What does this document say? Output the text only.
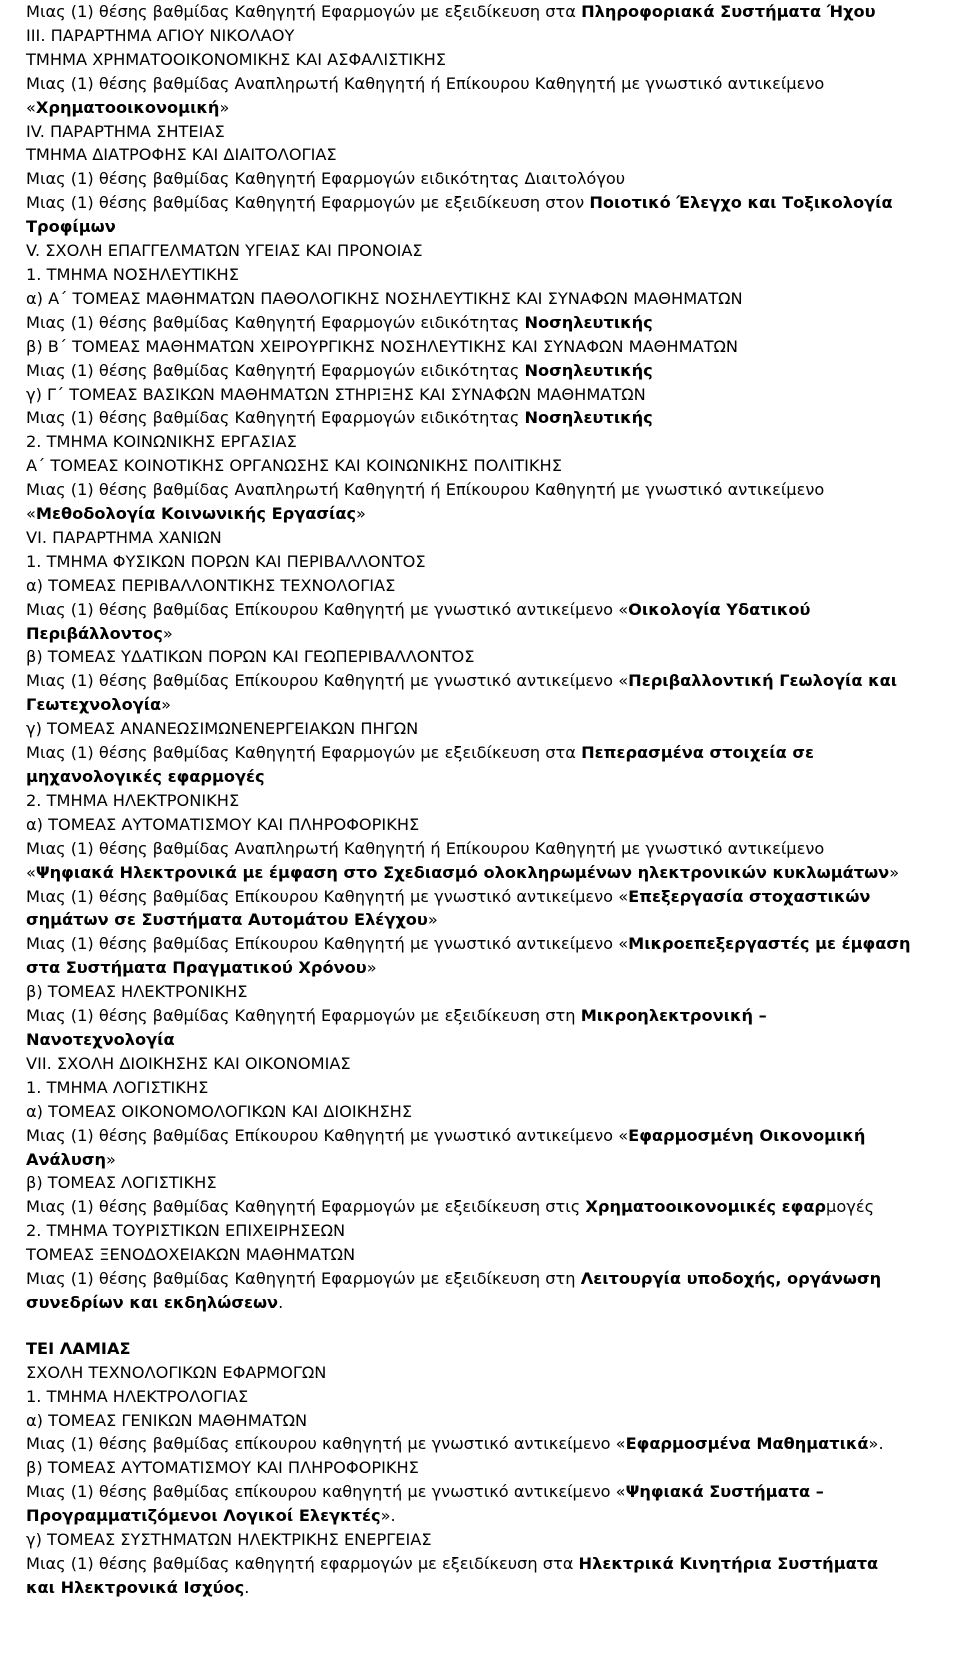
Μιας (1) θέσης βαθμίδας Καθηγητή Εφαρμογών με εξειδίκευση στα Πληροφοριακά Συστήματα Ήχου

ΙΙΙ. ΠΑΡΑΡΤΗΜΑ ΑΓΙΟΥ ΝΙΚΟΛΑΟΥ

ΤΜΗΜΑ ΧΡΗΜΑΤΟΟΙΚΟΝΟΜΙΚΗΣ ΚΑΙ ΑΣΦΑΛΙΣΤΙΚΗΣ

Μιας (1) θέσης βαθμίδας Αναπληρωτή Καθηγητή ή Επίκουρου Καθηγητή με γνωστικό αντικείμενο «Χρηματοοικονομική»

IV. ΠΑΡΑΡΤΗΜΑ ΣΗΤΕΙΑΣ

ΤΜΗΜΑ ΔΙΑΤΡΟΦΗΣ ΚΑΙ ΔΙΑΙΤΟΛΟΓΙΑΣ

Μιας (1) θέσης βαθμίδας Καθηγητή Εφαρμογών ειδικότητας Διαιτολόγου

Μιας (1) θέσης βαθμίδας Καθηγητή Εφαρμογών με εξειδίκευση στον Ποιοτικό Έλεγχο και Τοξικολογία Τροφίμων

V. ΣΧΟΛΗ ΕΠΑΓΓΕΛΜΑΤΩΝ ΥΓΕΙΑΣ ΚΑΙ ΠΡΟΝΟΙΑΣ

1. ΤΜΗΜΑ ΝΟΣΗΛΕΥΤΙΚΗΣ

α) Α΄ ΤΟΜΕΑΣ ΜΑΘΗΜΑΤΩΝ ΠΑΘΟΛΟΓΙΚΗΣ ΝΟΣΗΛΕΥΤΙΚΗΣ ΚΑΙ ΣΥΝΑΦΩΝ ΜΑΘΗΜΑΤΩΝ

Μιας (1) θέσης βαθμίδας Καθηγητή Εφαρμογών ειδικότητας Νοσηλευτικής

β) Β΄ ΤΟΜΕΑΣ ΜΑΘΗΜΑΤΩΝ ΧΕΙΡΟΥΡΓΙΚΗΣ ΝΟΣΗΛΕΥΤΙΚΗΣ ΚΑΙ ΣΥΝΑΦΩΝ ΜΑΘΗΜΑΤΩΝ

Μιας (1) θέσης βαθμίδας Καθηγητή Εφαρμογών ειδικότητας Νοσηλευτικής

γ) Γ΄ ΤΟΜΕΑΣ ΒΑΣΙΚΩΝ ΜΑΘΗΜΑΤΩΝ ΣΤΗΡΙΞΗΣ ΚΑΙ ΣΥΝΑΦΩΝ ΜΑΘΗΜΑΤΩΝ

Μιας (1) θέσης βαθμίδας Καθηγητή Εφαρμογών ειδικότητας Νοσηλευτικής

2. ΤΜΗΜΑ ΚΟΙΝΩΝΙΚΗΣ ΕΡΓΑΣΙΑΣ

Α΄ ΤΟΜΕΑΣ ΚΟΙΝΟΤΙΚΗΣ ΟΡΓΑΝΩΣΗΣ ΚΑΙ ΚΟΙΝΩΝΙΚΗΣ ΠΟΛΙΤΙΚΗΣ

Μιας (1) θέσης βαθμίδας Αναπληρωτή Καθηγητή ή Επίκουρου Καθηγητή με γνωστικό αντικείμενο «Μεθοδολογία Κοινωνικής Εργασίας»

VI. ΠΑΡΑΡΤΗΜΑ ΧΑΝΙΩΝ

1. ΤΜΗΜΑ ΦΥΣΙΚΩΝ ΠΟΡΩΝ ΚΑΙ ΠΕΡΙΒΑΛΛΟΝΤΟΣ

α) ΤΟΜΕΑΣ ΠΕΡΙΒΑΛΛΟΝΤΙΚΗΣ ΤΕΧΝΟΛΟΓΙΑΣ

Μιας (1) θέσης βαθμίδας Επίκουρου Καθηγητή με γνωστικό αντικείμενο «Οικολογία Υδατικού Περιβάλλοντος»

β) ΤΟΜΕΑΣ ΥΔΑΤΙΚΩΝ ΠΟΡΩΝ ΚΑΙ ΓΕΩΠΕΡΙΒΑΛΛΟΝΤΟΣ

Μιας (1) θέσης βαθμίδας Επίκουρου Καθηγητή με γνωστικό αντικείμενο «Περιβαλλοντική Γεωλογία και Γεωτεχνολογία»

γ) ΤΟΜΕΑΣ ΑΝΑΝΕΩΣΙΜΩΝΕΝΕΡΓΕΙΑΚΩΝ ΠΗΓΩΝ

Μιας (1) θέσης βαθμίδας Καθηγητή Εφαρμογών με εξειδίκευση στα Πεπερασμένα στοιχεία σε μηχανολογικές εφαρμογές

2. ΤΜΗΜΑ ΗΛΕΚΤΡΟΝΙΚΗΣ

α) ΤΟΜΕΑΣ ΑΥΤΟΜΑΤΙΣΜΟΥ ΚΑΙ ΠΛΗΡΟΦΟΡΙΚΗΣ

Μιας (1) θέσης βαθμίδας Αναπληρωτή Καθηγητή ή Επίκουρου Καθηγητή με γνωστικό αντικείμενο «Ψηφιακά Ηλεκτρονικά με έμφαση στο Σχεδιασμό ολοκληρωμένων ηλεκτρονικών κυκλωμάτων»

Μιας (1) θέσης βαθμίδας Επίκουρου Καθηγητή με γνωστικό αντικείμενο «Επεξεργασία στοχαστικών σημάτων σε Συστήματα Αυτομάτου Ελέγχου»

Μιας (1) θέσης βαθμίδας Επίκουρου Καθηγητή με γνωστικό αντικείμενο «Μικροεπεξεργαστές με έμφαση στα Συστήματα Πραγματικού Χρόνου»

β) ΤΟΜΕΑΣ ΗΛΕΚΤΡΟΝΙΚΗΣ

Μιας (1) θέσης βαθμίδας Καθηγητή Εφαρμογών με εξειδίκευση στη Μικροηλεκτρονική – Νανοτεχνολογία

VII. ΣΧΟΛΗ ΔΙΟΙΚΗΣΗΣ ΚΑΙ ΟΙΚΟΝΟΜΙΑΣ

1. ΤΜΗΜΑ ΛΟΓΙΣΤΙΚΗΣ

α) ΤΟΜΕΑΣ ΟΙΚΟΝΟΜΟΛΟΓΙΚΩΝ ΚΑΙ ΔΙΟΙΚΗΣΗΣ

Μιας (1) θέσης βαθμίδας Επίκουρου Καθηγητή με γνωστικό αντικείμενο «Εφαρμοσμένη Οικονομική Ανάλυση»

β) ΤΟΜΕΑΣ ΛΟΓΙΣΤΙΚΗΣ

Μιας (1) θέσης βαθμίδας Καθηγητή Εφαρμογών με εξειδίκευση στις Χρηματοοικονομικές εφαρμογές

2. ΤΜΗΜΑ ΤΟΥΡΙΣΤΙΚΩΝ ΕΠΙΧΕΙΡΗΣΕΩΝ

ΤΟΜΕΑΣ ΞΕΝΟΔΟΧΕΙΑΚΩΝ ΜΑΘΗΜΑΤΩΝ

Μιας (1) θέσης βαθμίδας Καθηγητή Εφαρμογών με εξειδίκευση στη Λειτουργία υποδοχής, οργάνωση συνεδρίων και εκδηλώσεων.

ΤΕΙ ΛΑΜΙΑΣ

ΣΧΟΛΗ ΤΕΧΝΟΛΟΓΙΚΩΝ ΕΦΑΡΜΟΓΩΝ

1. ΤΜΗΜΑ ΗΛΕΚΤΡΟΛΟΓΙΑΣ

α) ΤΟΜΕΑΣ ΓΕΝΙΚΩΝ ΜΑΘΗΜΑΤΩΝ

Μιας (1) θέσης βαθμίδας επίκουρου καθηγητή με γνωστικό αντικείμενο «Εφαρμοσμένα Μαθηματικά».

β) ΤΟΜΕΑΣ ΑΥΤΟΜΑΤΙΣΜΟΥ ΚΑΙ ΠΛΗΡΟΦΟΡΙΚΗΣ

Μιας (1) θέσης βαθμίδας επίκουρου καθηγητή με γνωστικό αντικείμενο «Ψηφιακά Συστήματα – Προγραμματιζόμενοι Λογικοί Ελεγκτές».

γ) ΤΟΜΕΑΣ ΣΥΣΤΗΜΑΤΩΝ ΗΛΕΚΤΡΙΚΗΣ ΕΝΕΡΓΕΙΑΣ

Μιας (1) θέσης βαθμίδας καθηγητή εφαρμογών με εξειδίκευση στα Ηλεκτρικά Κινητήρια Συστήματα και Ηλεκτρονικά Ισχύος.
